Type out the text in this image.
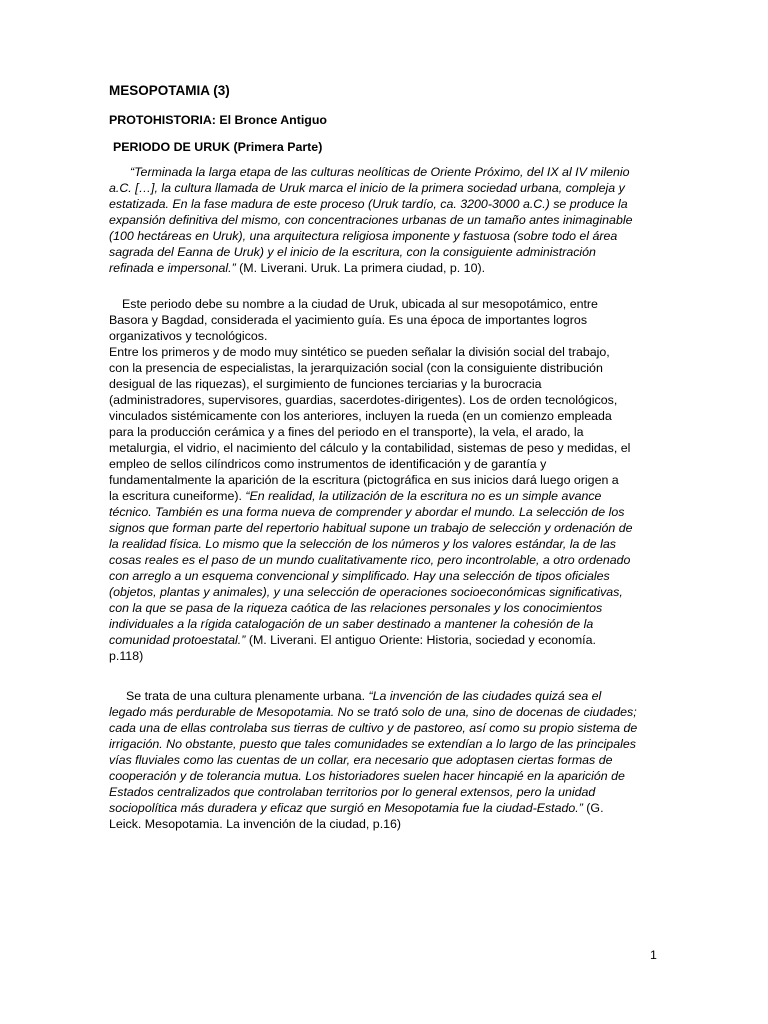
MESOPOTAMIA (3)
PROTOHISTORIA: El Bronce Antiguo
PERIODO DE URUK (Primera Parte)
“Terminada la larga etapa de las culturas neolíticas de Oriente Próximo, del IX al IV milenio
a.C. […], la cultura llamada de Uruk marca el inicio de la primera sociedad urbana, compleja y
estatizada. En la fase madura de este proceso (Uruk tardío, ca. 3200-3000 a.C.) se produce la
expansión definitiva del mismo, con concentraciones urbanas de un tamaño antes inimaginable
(100 hectáreas en Uruk), una arquitectura religiosa imponente y fastuosa (sobre todo el área
sagrada del Eanna de Uruk) y el inicio de la escritura, con la consiguiente administración
refinada e impersonal.” (M. Liverani. Uruk. La primera ciudad, p. 10).
Este periodo debe su nombre a la ciudad de Uruk, ubicada al sur mesopotámico, entre
Basora y Bagdad, considerada el yacimiento guía. Es una época de importantes logros
organizativos y tecnológicos.
Entre los primeros y de modo muy sintético se pueden señalar la división social del trabajo,
con la presencia de especialistas, la jerarquización social (con la consiguiente distribución
desigual de las riquezas), el surgimiento de funciones terciarias y la burocracia
(administradores, supervisores, guardias, sacerdotes-dirigentes). Los de orden tecnológicos,
vinculados sistémicamente con los anteriores, incluyen la rueda (en un comienzo empleada
para la producción cerámica y a fines del periodo en el transporte), la vela, el arado, la
metalurgia, el vidrio, el nacimiento del cálculo y la contabilidad, sistemas de peso y medidas, el
empleo de sellos cilíndricos como instrumentos de identificación y de garantía y
fundamentalmente la aparición de la escritura (pictográfica en sus inicios dará luego origen a
la escritura cuneiforme). “En realidad, la utilización de la escritura no es un simple avance
técnico. También es una forma nueva de comprender y abordar el mundo. La selección de los
signos que forman parte del repertorio habitual supone un trabajo de selección y ordenación de
la realidad física. Lo mismo que la selección de los números y los valores estándar, la de las
cosas reales es el paso de un mundo cualitativamente rico, pero incontrolable, a otro ordenado
con arreglo a un esquema convencional y simplificado. Hay una selección de tipos oficiales
(objetos, plantas y animales), y una selección de operaciones socioeconómicas significativas,
con la que se pasa de la riqueza caótica de las relaciones personales y los conocimientos
individuales a la rígida catalogación de un saber destinado a mantener la cohesión de la
comunidad protoestatal.” (M. Liverani. El antiguo Oriente: Historia, sociedad y economía.
p.118)
Se trata de una cultura plenamente urbana. “La invención de las ciudades quizá sea el
legado más perdurable de Mesopotamia. No se trató solo de una, sino de docenas de ciudades;
cada una de ellas controlaba sus tierras de cultivo y de pastoreo, así como su propio sistema de
irrigación. No obstante, puesto que tales comunidades se extendían a lo largo de las principales
vías fluviales como las cuentas de un collar, era necesario que adoptasen ciertas formas de
cooperación y de tolerancia mutua. Los historiadores suelen hacer hincapié en la aparición de
Estados centralizados que controlaban territorios por lo general extensos, pero la unidad
sociopolítica más duradera y eficaz que surgió en Mesopotamia fue la ciudad-Estado.” (G.
Leick. Mesopotamia. La invención de la ciudad, p.16)
1
